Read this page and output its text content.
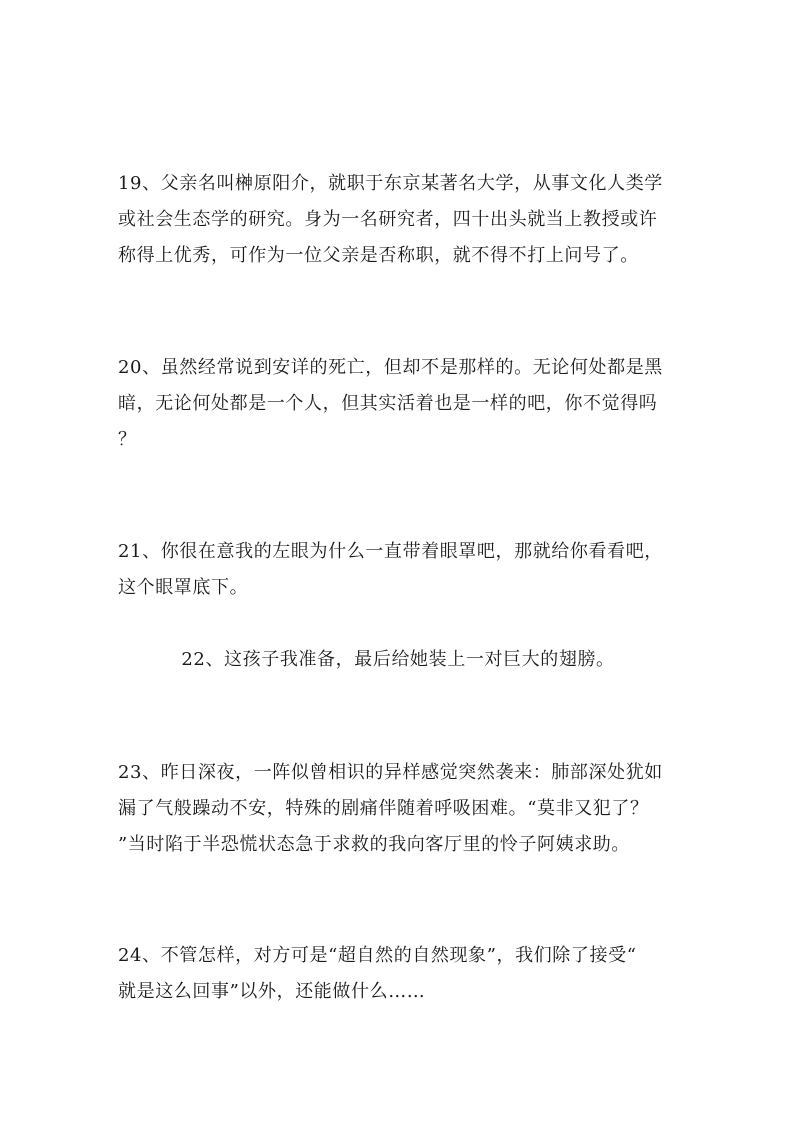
19、父亲名叫榊原阳介，就职于东京某著名大学，从事文化人类学
或社会生态学的研究。身为一名研究者，四十出头就当上教授或许
称得上优秀，可作为一位父亲是否称职，就不得不打上问号了。

20、虽然经常说到安详的死亡，但却不是那样的。无论何处都是黑
暗，无论何处都是一个人，但其实活着也是一样的吧，你不觉得吗
？

21、你很在意我的左眼为什么一直带着眼罩吧，那就给你看看吧，
这个眼罩底下。

22、这孩子我准备，最后给她装上一对巨大的翅膀。

23、昨日深夜，一阵似曾相识的异样感觉突然袭来：肺部深处犹如
漏了气般躁动不安，特殊的剧痛伴随着呼吸困难。“莫非又犯了？
”当时陷于半恐慌状态急于求救的我向客厅里的怜子阿姨求助。

24、不管怎样，对方可是“超自然的自然现象”，我们除了接受“
就是这么回事”以外，还能做什么……
